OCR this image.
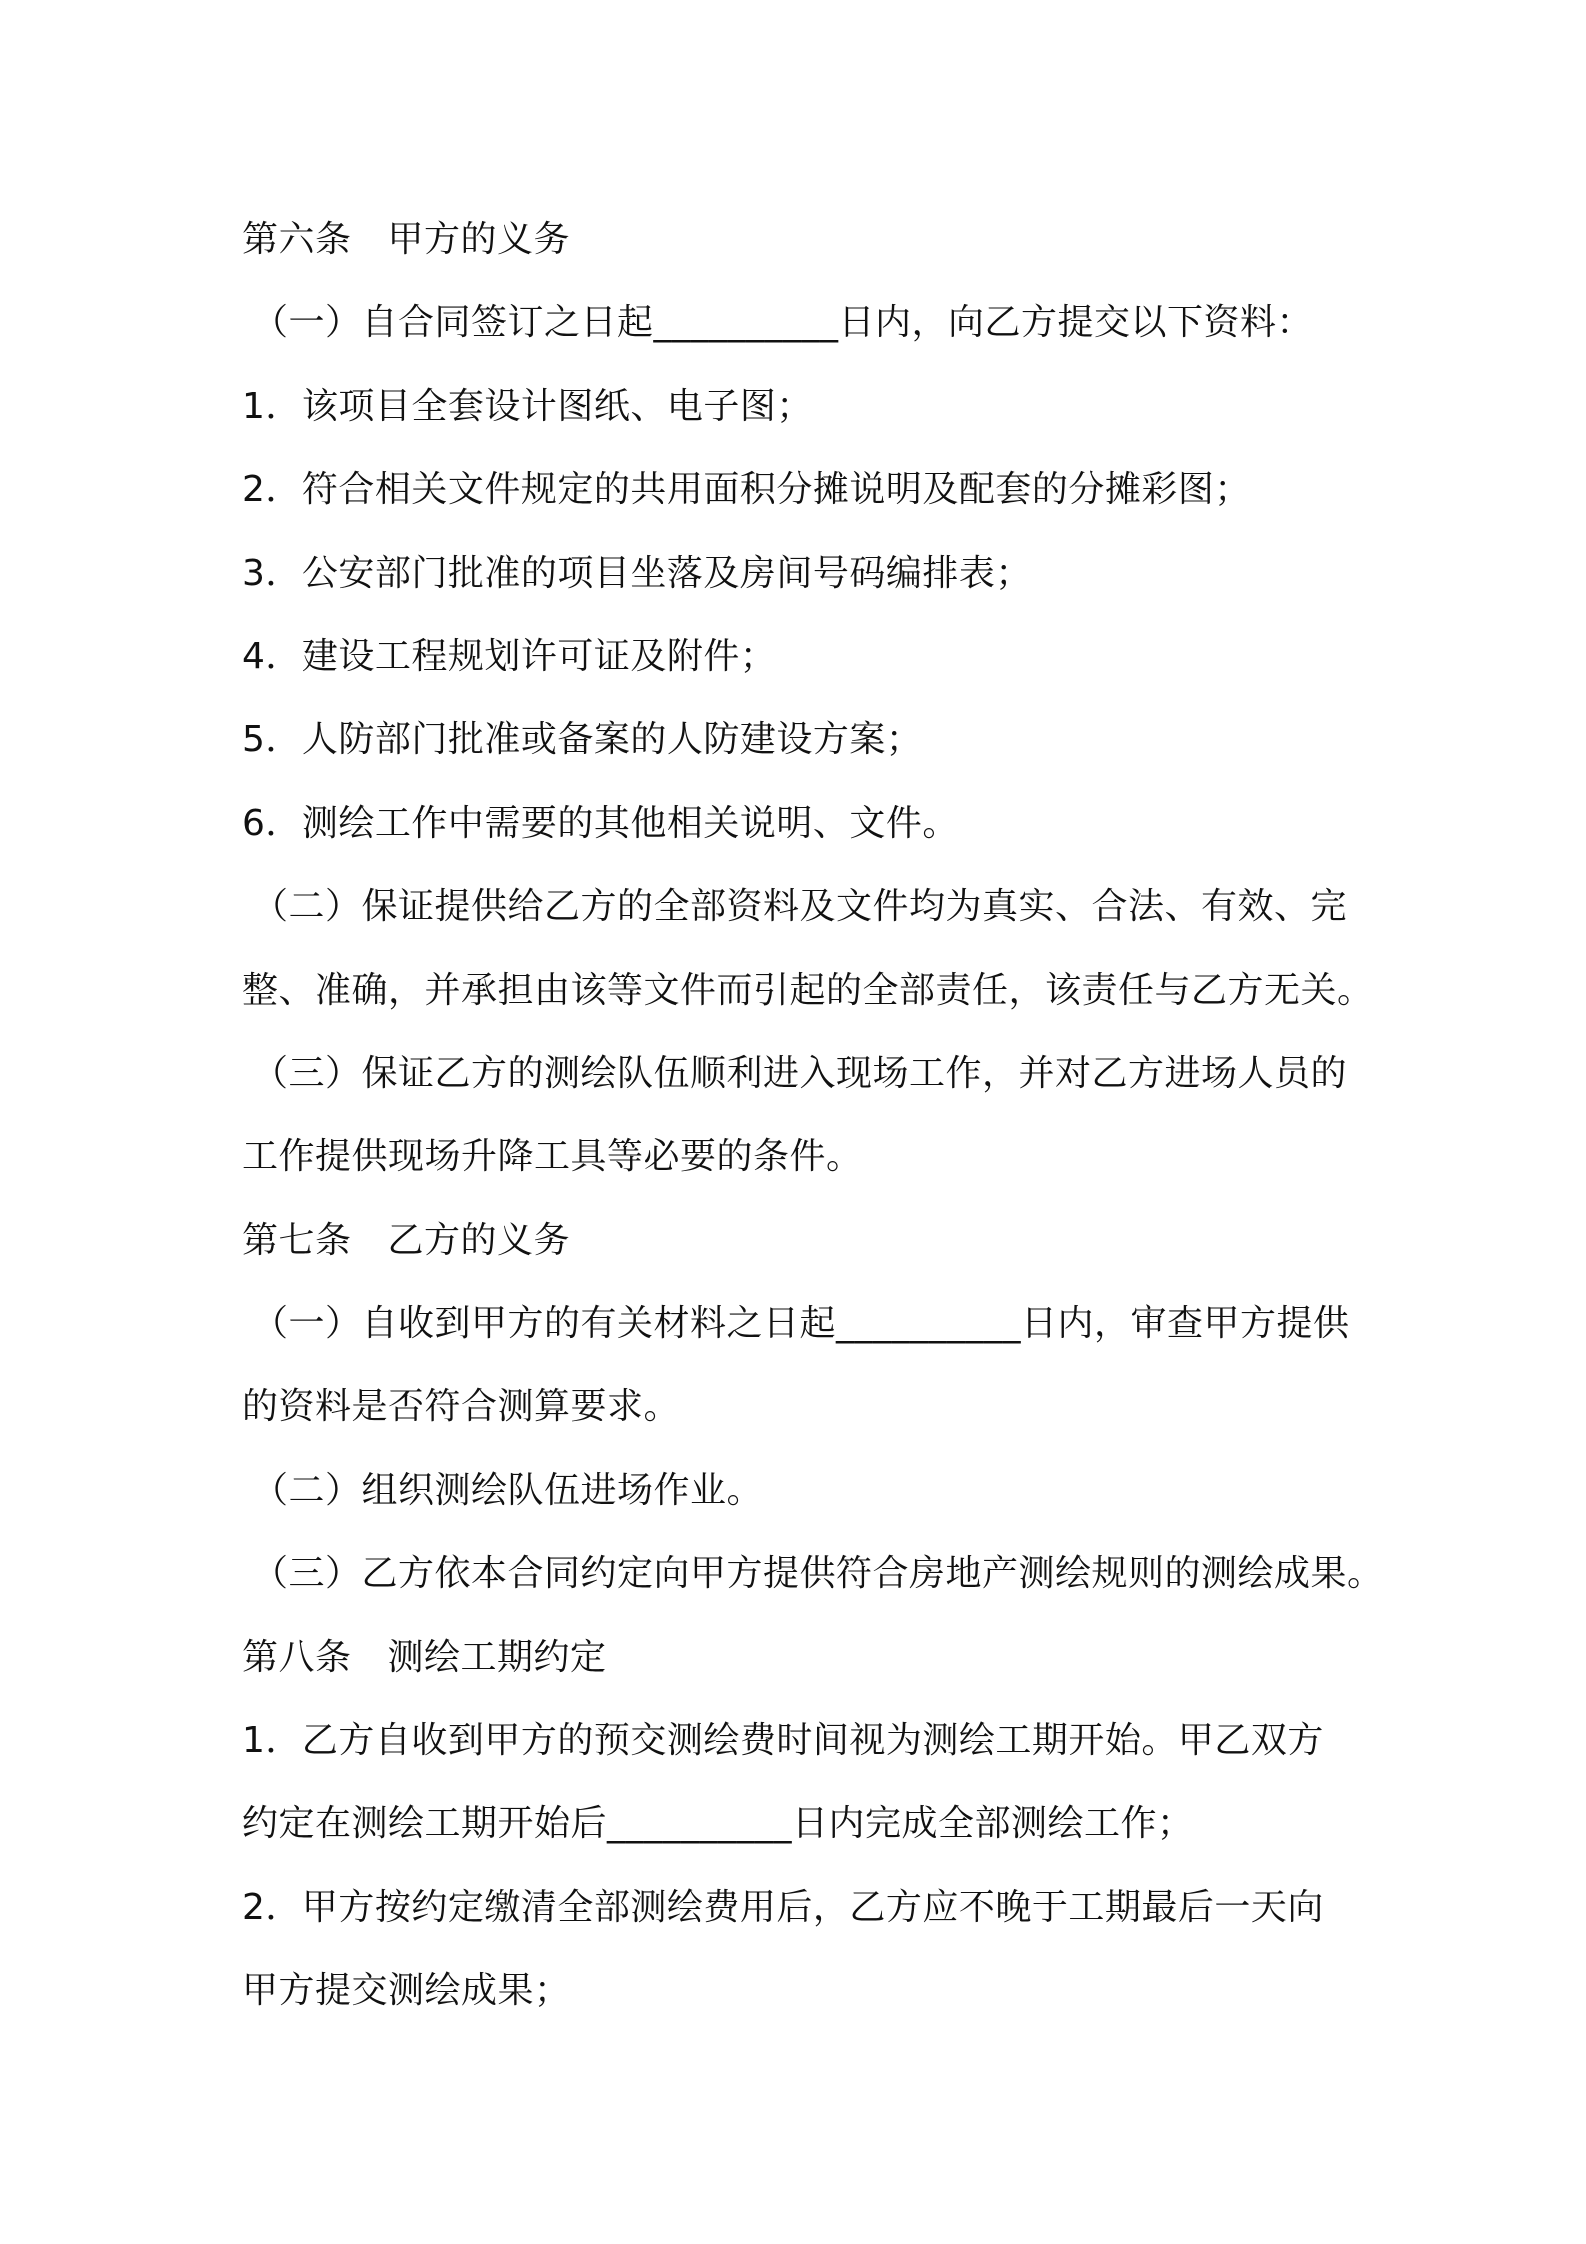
第六条 甲方的义务
（一）自合同签订之日起__________日内，向乙方提交以下资料：
1．该项目全套设计图纸、电子图；
2．符合相关文件规定的共用面积分摊说明及配套的分摊彩图；
3．公安部门批准的项目坐落及房间号码编排表；
4．建设工程规划许可证及附件；
5．人防部门批准或备案的人防建设方案；
6．测绘工作中需要的其他相关说明、文件。
（二）保证提供给乙方的全部资料及文件均为真实、合法、有效、完
整、准确，并承担由该等文件而引起的全部责任，该责任与乙方无关。
（三）保证乙方的测绘队伍顺利进入现场工作，并对乙方进场人员的
工作提供现场升降工具等必要的条件。
第七条 乙方的义务
（一）自收到甲方的有关材料之日起__________日内，审查甲方提供
的资料是否符合测算要求。
（二）组织测绘队伍进场作业。
（三）乙方依本合同约定向甲方提供符合房地产测绘规则的测绘成果。
第八条 测绘工期约定
1．乙方自收到甲方的预交测绘费时间视为测绘工期开始。甲乙双方
约定在测绘工期开始后__________日内完成全部测绘工作；
2．甲方按约定缴清全部测绘费用后，乙方应不晚于工期最后一天向
甲方提交测绘成果；
